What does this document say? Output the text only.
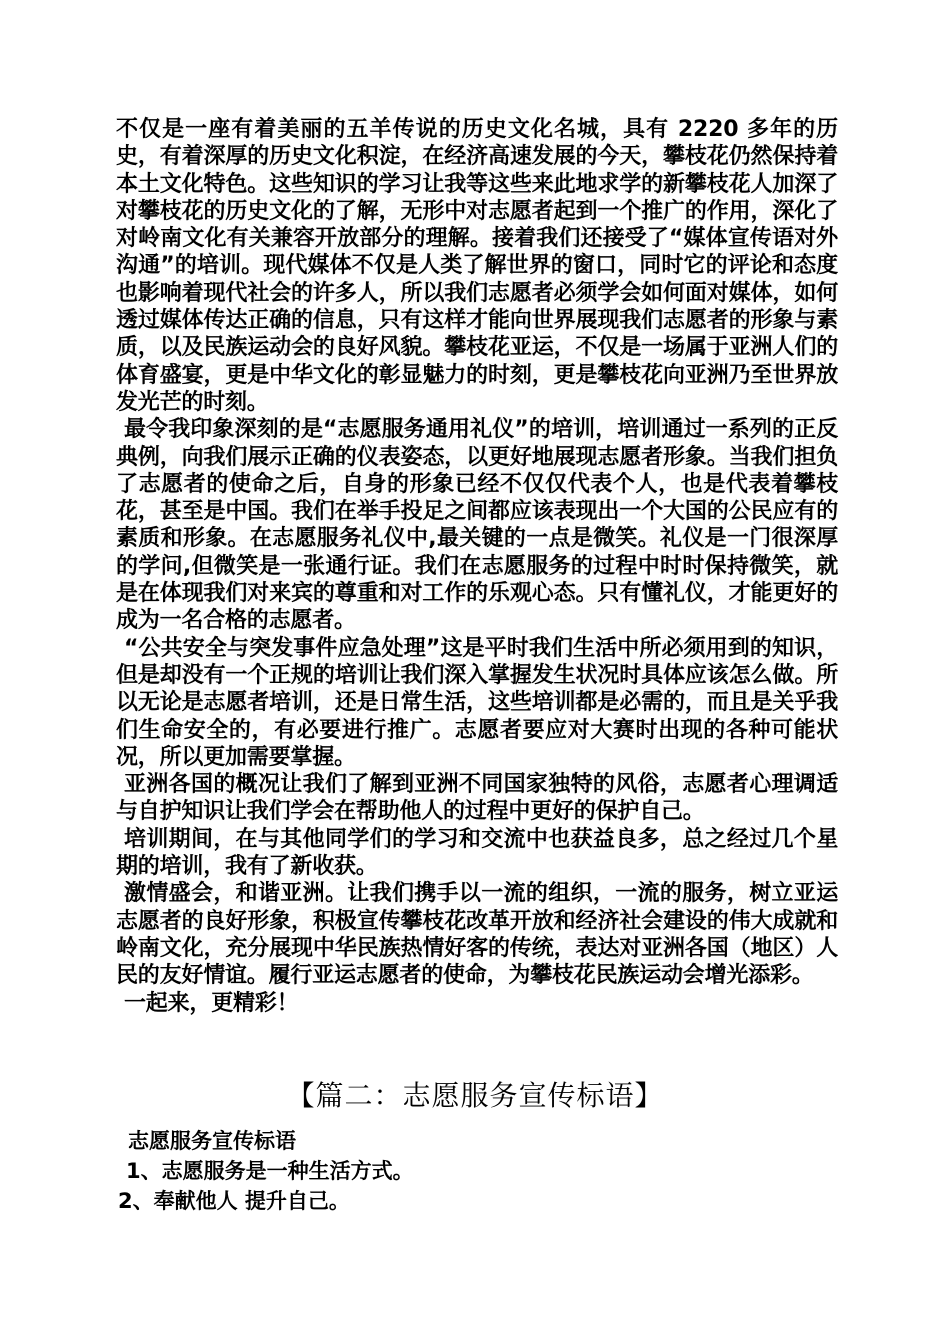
不仅是一座有着美丽的五羊传说的历史文化名城，具有 2220 多年的历史，有着深厚的历史文化积淀，在经济高速发展的今天，攀枝花仍然保持着本土文化特色。这些知识的学习让我等这些来此地求学的新攀枝花人加深了对攀枝花的历史文化的了解，无形中对志愿者起到一个推广的作用，深化了对岭南文化有关兼容开放部分的理解。接着我们还接受了“媒体宣传语对外沟通”的培训。现代媒体不仅是人类了解世界的窗口，同时它的评论和态度也影响着现代社会的许多人，所以我们志愿者必须学会如何面对媒体，如何透过媒体传达正确的信息，只有这样才能向世界展现我们志愿者的形象与素质，以及民族运动会的良好风貌。攀枝花亚运，不仅是一场属于亚洲人们的体育盛宴，更是中华文化的彰显魅力的时刻，更是攀枝花向亚洲乃至世界放发光芒的时刻。

最令我印象深刻的是“志愿服务通用礼仪”的培训，培训通过一系列的正反典例，向我们展示正确的仪表姿态，以更好地展现志愿者形象。当我们担负了志愿者的使命之后，自身的形象已经不仅仅代表个人，也是代表着攀枝花，甚至是中国。我们在举手投足之间都应该表现出一个大国的公民应有的素质和形象。在志愿服务礼仪中,最关键的一点是微笑。礼仪是一门很深厚的学问,但微笑是一张通行证。我们在志愿服务的过程中时时保持微笑，就是在体现我们对来宾的尊重和对工作的乐观心态。只有懂礼仪，才能更好的成为一名合格的志愿者。

“公共安全与突发事件应急处理”这是平时我们生活中所必须用到的知识，但是却没有一个正规的培训让我们深入掌握发生状况时具体应该怎么做。所以无论是志愿者培训，还是日常生活，这些培训都是必需的，而且是关乎我们生命安全的，有必要进行推广。志愿者要应对大赛时出现的各种可能状况，所以更加需要掌握。

亚洲各国的概况让我们了解到亚洲不同国家独特的风俗，志愿者心理调适与自护知识让我们学会在帮助他人的过程中更好的保护自己。

培训期间，在与其他同学们的学习和交流中也获益良多，总之经过几个星期的培训，我有了新收获。

激情盛会，和谐亚洲。让我们携手以一流的组织，一流的服务，树立亚运志愿者的良好形象，积极宣传攀枝花改革开放和经济社会建设的伟大成就和岭南文化，充分展现中华民族热情好客的传统，表达对亚洲各国（地区）人民的友好情谊。履行亚运志愿者的使命，为攀枝花民族运动会增光添彩。

一起来，更精彩！

【篇二：志愿服务宣传标语】
志愿服务宣传标语
1、志愿服务是一种生活方式。
2、奉献他人 提升自己。
